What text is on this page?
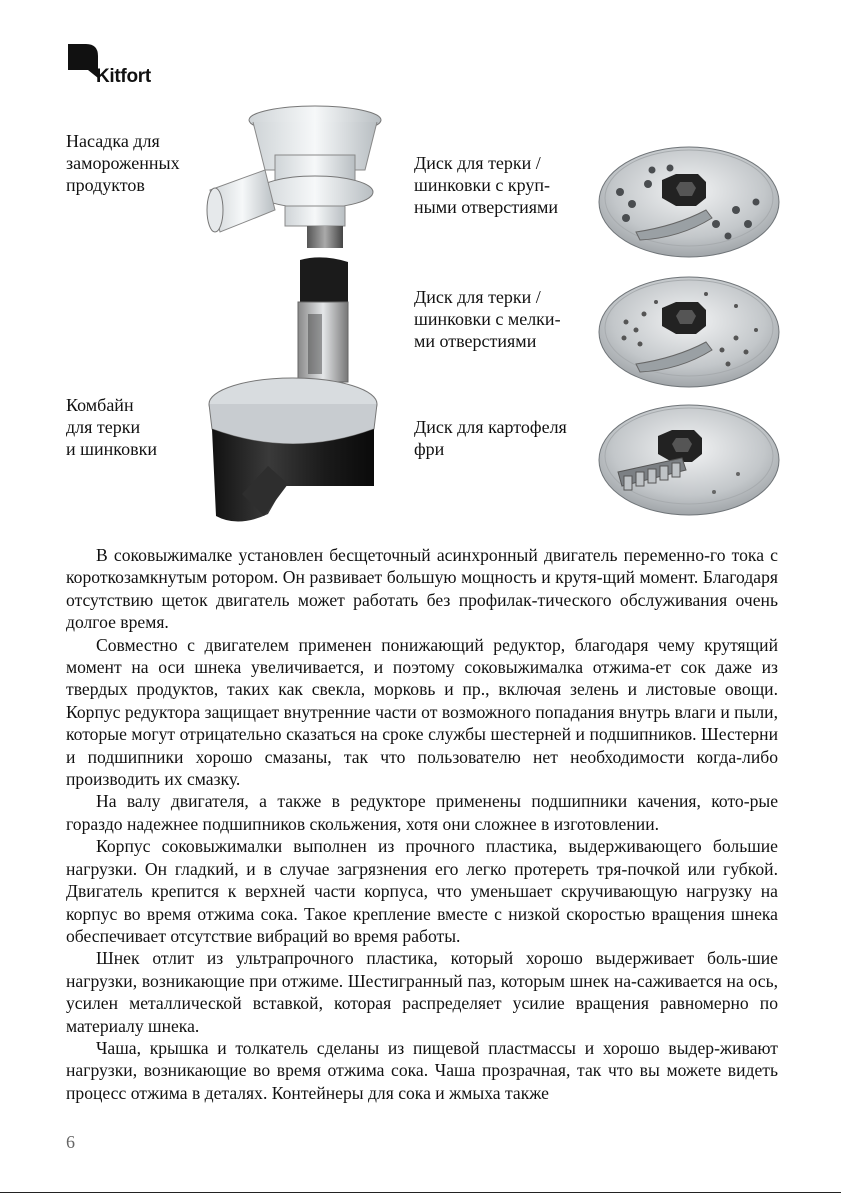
Kitfort
Насадка для
замороженных
продуктов
Комбайн
для терки
и шинковки
Диск для терки /
шинковки с круп-
ными отверстиями
Диск для терки /
шинковки с мелки-
ми отверстиями
Диск для картофеля
фри

В соковыжималке установлен бесщеточный асинхронный двигатель переменно-го тока с короткозамкнутым ротором. Он развивает большую мощность и крутя-щий момент. Благодаря отсутствию щеток двигатель может работать без профилак-тического обслуживания очень долгое время.

Совместно с двигателем применен понижающий редуктор, благодаря чему крутящий момент на оси шнека увеличивается, и поэтому соковыжималка отжима-ет сок даже из твердых продуктов, таких как свекла, морковь и пр., включая зелень и листовые овощи. Корпус редуктора защищает внутренние части от возможного попадания внутрь влаги и пыли, которые могут отрицательно сказаться на сроке службы шестерней и подшипников. Шестерни и подшипники хорошо смазаны, так что пользователю нет необходимости когда-либо производить их смазку.

На валу двигателя, а также в редукторе применены подшипники качения, кото-рые гораздо надежнее подшипников скольжения, хотя они сложнее в изготовлении.

Корпус соковыжималки выполнен из прочного пластика, выдерживающего большие нагрузки. Он гладкий, и в случае загрязнения его легко протереть тря-почкой или губкой. Двигатель крепится к верхней части корпуса, что уменьшает скручивающую нагрузку на корпус во время отжима сока. Такое крепление вместе с низкой скоростью вращения шнека обеспечивает отсутствие вибраций во время работы.

Шнек отлит из ультрапрочного пластика, который хорошо выдерживает боль-шие нагрузки, возникающие при отжиме. Шестигранный паз, которым шнек на-саживается на ось, усилен металлической вставкой, которая распределяет усилие вращения равномерно по материалу шнека.

Чаша, крышка и толкатель сделаны из пищевой пластмассы и хорошо выдер-живают нагрузки, возникающие во время отжима сока. Чаша прозрачная, так что вы можете видеть процесс отжима в деталях. Контейнеры для сока и жмыха также

6
